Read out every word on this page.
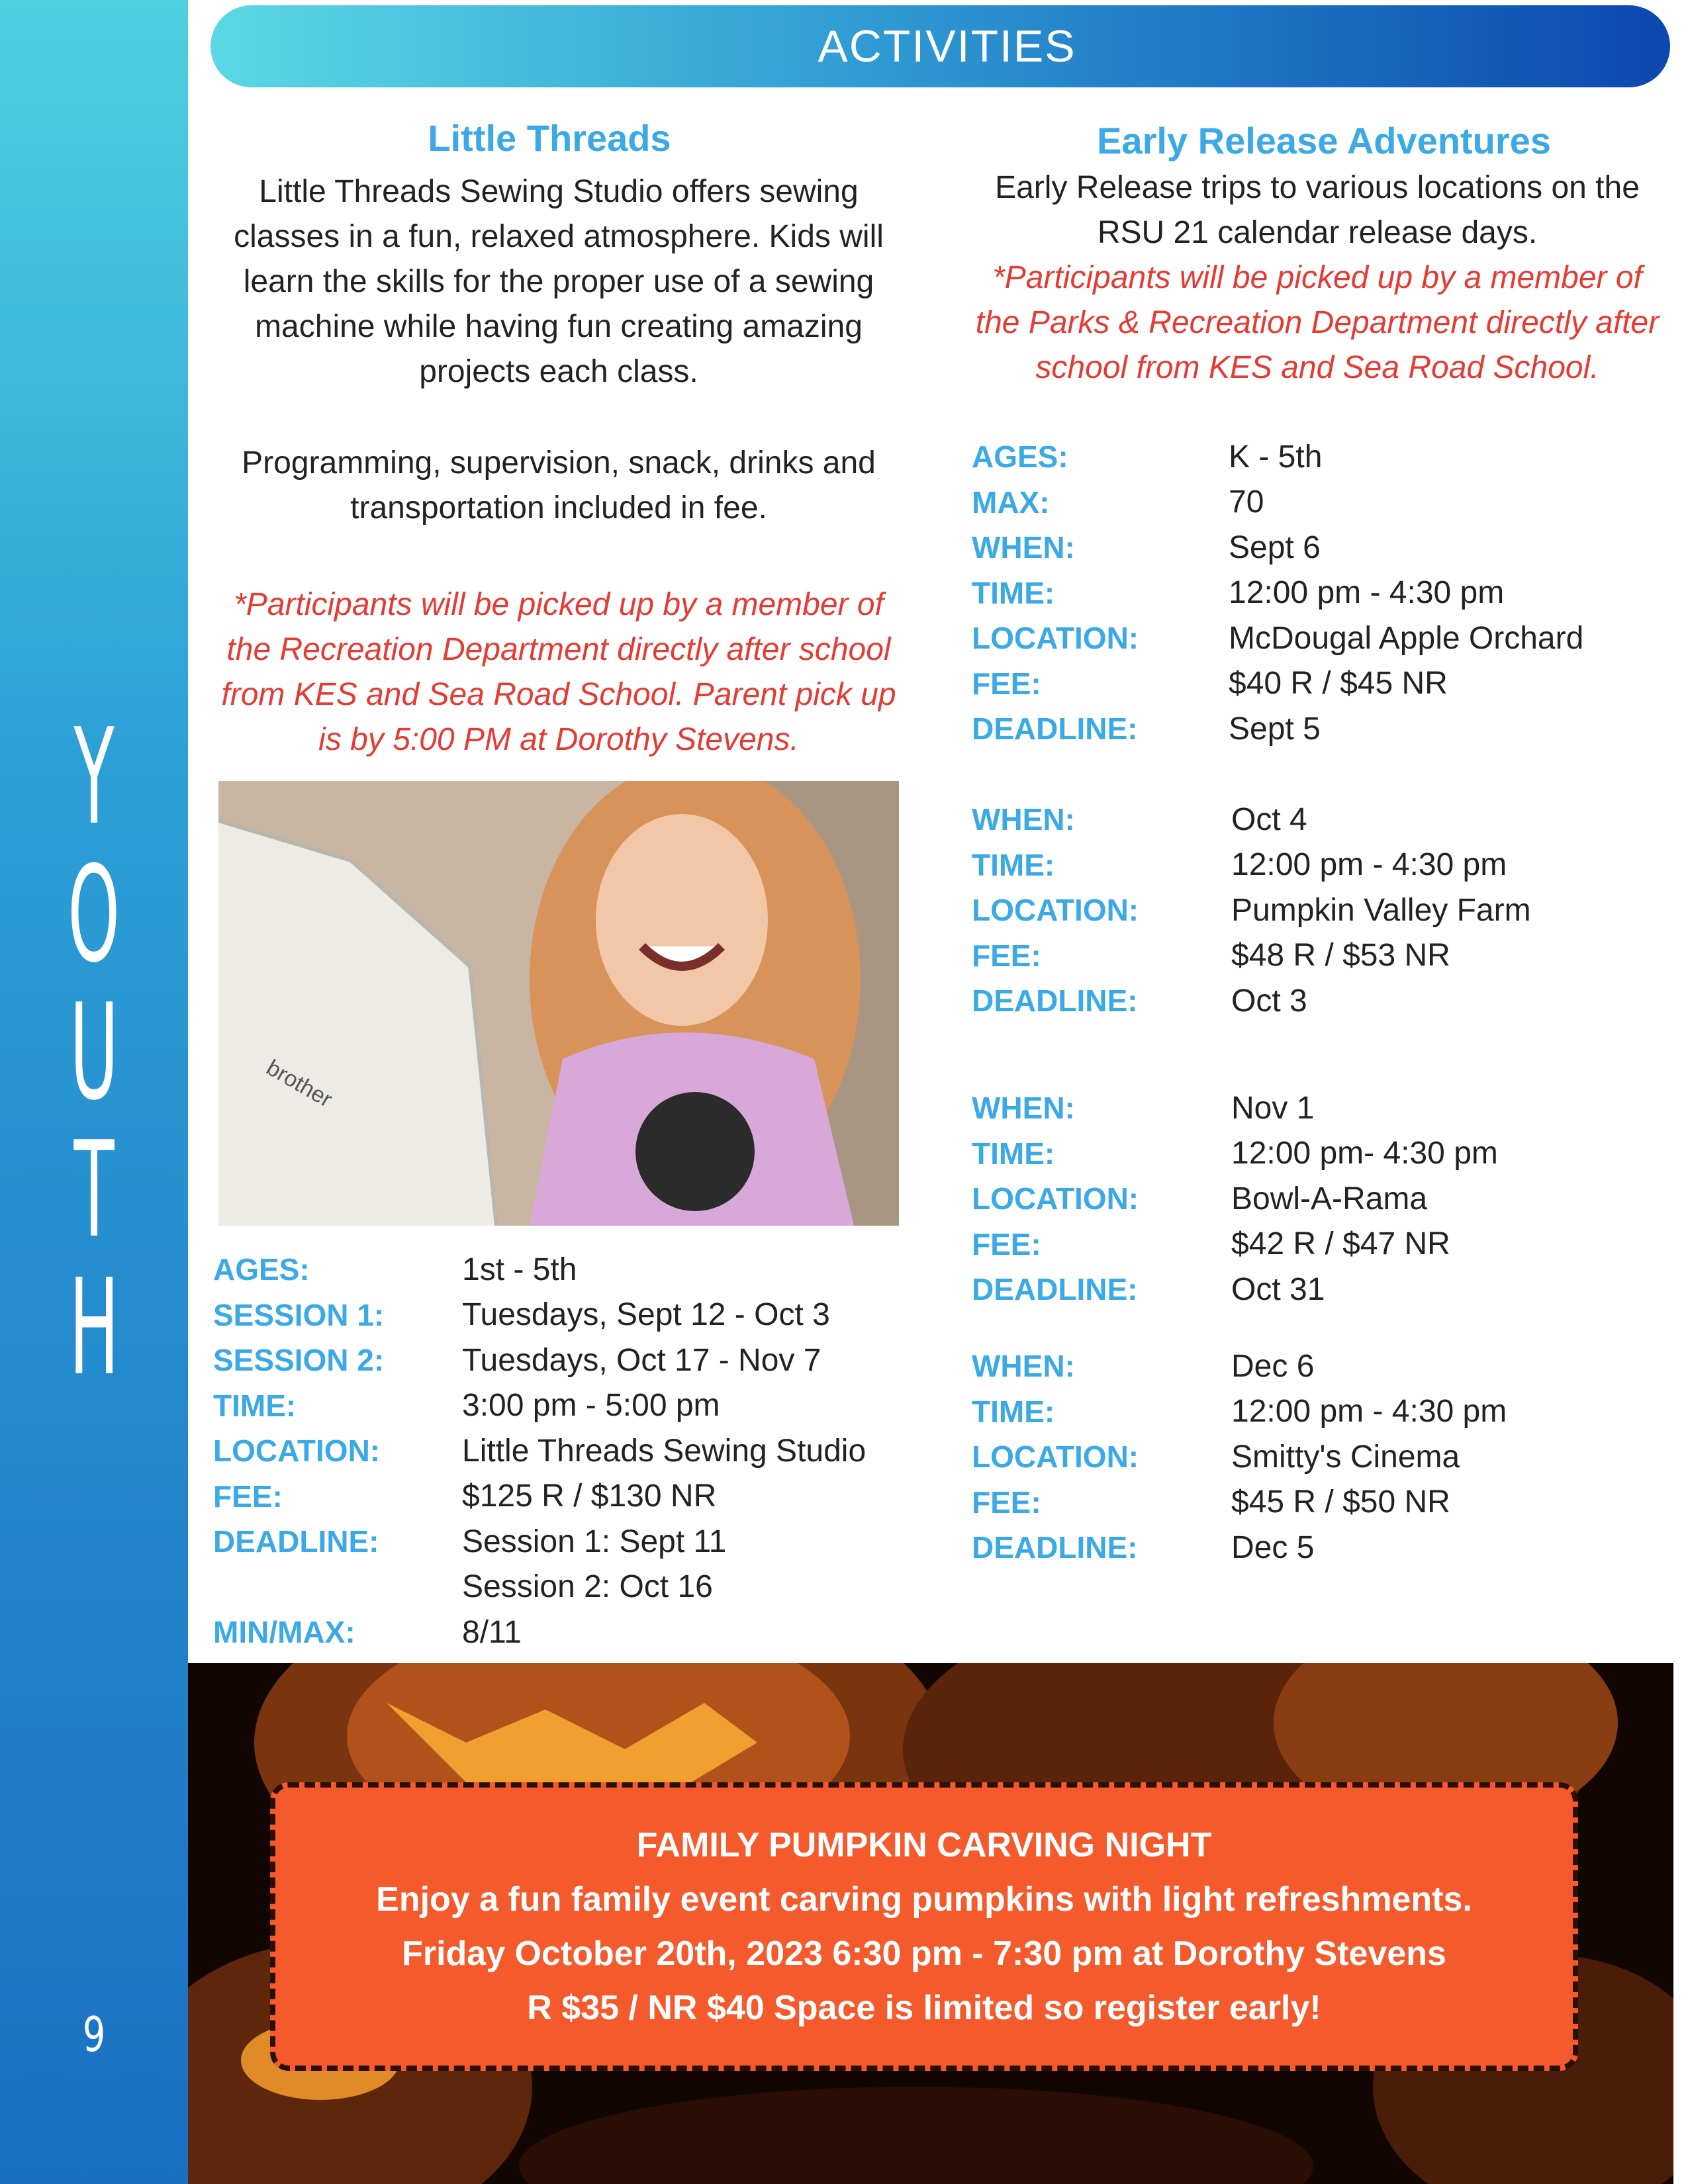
Y
O
U
T
H
9
ACTIVITIES
Little Threads
Little Threads Sewing Studio offers sewing
classes in a fun, relaxed atmosphere. Kids will
learn the skills for the proper use of a sewing
machine while having fun creating amazing
projects each class.
Programming, supervision, snack, drinks and
transportation included in fee.
*Participants will be picked up by a member of
the Recreation Department directly after school
from KES and Sea Road School. Parent pick up
is by 5:00 PM at Dorothy Stevens.
brother
AGES:	1st - 5th
SESSION 1:	Tuesdays, Sept 12 - Oct 3
SESSION 2:	Tuesdays, Oct 17 - Nov 7
TIME:	3:00 pm - 5:00 pm
LOCATION:	Little Threads Sewing Studio
FEE:	$125 R / $130 NR
DEADLINE:	Session 1: Sept 11
Session 2: Oct 16
MIN/MAX:	8/11
Early Release Adventures
Early Release trips to various locations on the
RSU 21 calendar release days.
*Participants will be picked up by a member of
the Parks & Recreation Department directly after
school from KES and Sea Road School.
AGES:	K - 5th
MAX:	70
WHEN:	Sept 6
TIME:	12:00 pm - 4:30 pm
LOCATION:	McDougal Apple Orchard
FEE:	$40 R / $45 NR
DEADLINE:	Sept 5
WHEN:	Oct 4
TIME:	12:00 pm - 4:30 pm
LOCATION:	Pumpkin Valley Farm
FEE:	$48 R / $53 NR
DEADLINE:	Oct 3
WHEN:	Nov 1
TIME:	12:00 pm- 4:30 pm
LOCATION:	Bowl-A-Rama
FEE:	$42 R / $47 NR
DEADLINE:	Oct 31
WHEN:	Dec 6
TIME:	12:00 pm - 4:30 pm
LOCATION:	Smitty's Cinema
FEE:	$45 R / $50 NR
DEADLINE:	Dec 5
FAMILY PUMPKIN CARVING NIGHT
Enjoy a fun family event carving pumpkins with light refreshments.
Friday October 20th, 2023 6:30 pm - 7:30 pm at Dorothy Stevens
R $35 / NR $40 Space is limited so register early!
